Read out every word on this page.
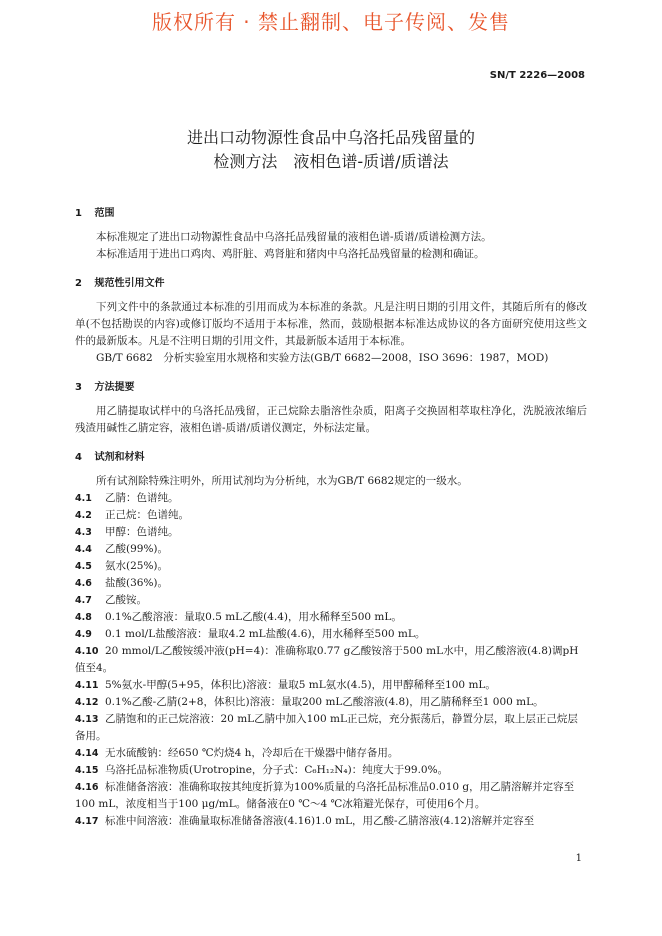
版权所有 · 禁止翻制、电子传阅、发售
SN/T 2226—2008
进出口动物源性食品中乌洛托品残留量的
检测方法　液相色谱-质谱/质谱法
1 范围

本标准规定了进出口动物源性食品中乌洛托品残留量的液相色谱-质谱/质谱检测方法。

本标准适用于进出口鸡肉、鸡肝脏、鸡肾脏和猪肉中乌洛托品残留量的检测和确证。

2 规范性引用文件

下列文件中的条款通过本标准的引用而成为本标准的条款。凡是注明日期的引用文件，其随后所有的修改单(不包括勘误的内容)或修订版均不适用于本标准，然而，鼓励根据本标准达成协议的各方面研究使用这些文件的最新版本。凡是不注明日期的引用文件，其最新版本适用于本标准。

GB/T 6682　分析实验室用水规格和实验方法(GB/T 6682—2008，ISO 3696：1987，MOD)

3 方法提要

用乙腈提取试样中的乌洛托品残留，正己烷除去脂溶性杂质，阳离子交换固相萃取柱净化，洗脱液浓缩后残渣用碱性乙腈定容，液相色谱-质谱/质谱仪测定，外标法定量。

4 试剂和材料

所有试剂除特殊注明外，所用试剂均为分析纯，水为GB/T 6682规定的一级水。

4.1	乙腈：色谱纯。

4.2	正己烷：色谱纯。

4.3	甲醇：色谱纯。

4.4	乙酸(99%)。

4.5	氨水(25%)。

4.6	盐酸(36%)。

4.7	乙酸铵。

4.8	0.1%乙酸溶液：量取0.5 mL乙酸(4.4)，用水稀释至500 mL。

4.9	0.1 mol/L盐酸溶液：量取4.2 mL盐酸(4.6)，用水稀释至500 mL。

4.10 20 mmol/L乙酸铵缓冲液(pH=4)：准确称取0.77 g乙酸铵溶于500 mL水中，用乙酸溶液(4.8)调pH值至4。

4.11 5%氨水-甲醇(5+95，体积比)溶液：量取5 mL氨水(4.5)，用甲醇稀释至100 mL。

4.12 0.1%乙酸-乙腈(2+8，体积比)溶液：量取200 mL乙酸溶液(4.8)，用乙腈稀释至1 000 mL。

4.13 乙腈饱和的正己烷溶液：20 mL乙腈中加入100 mL正己烷，充分振荡后，静置分层，取上层正己烷层备用。

4.14 无水硫酸钠：经650 ℃灼烧4 h，冷却后在干燥器中储存备用。

4.15 乌洛托品标准物质(Urotropine，分子式：C₆H₁₂N₄)：纯度大于99.0%。

4.16 标准储备溶液：准确称取按其纯度折算为100%质量的乌洛托品标准品0.010 g，用乙腈溶解并定容至100 mL，浓度相当于100 μg/mL。储备液在0 ℃～4 ℃冰箱避光保存，可使用6个月。

4.17 标准中间溶液：准确量取标准储备溶液(4.16)1.0 mL，用乙酸-乙腈溶液(4.12)溶解并定容至

1
